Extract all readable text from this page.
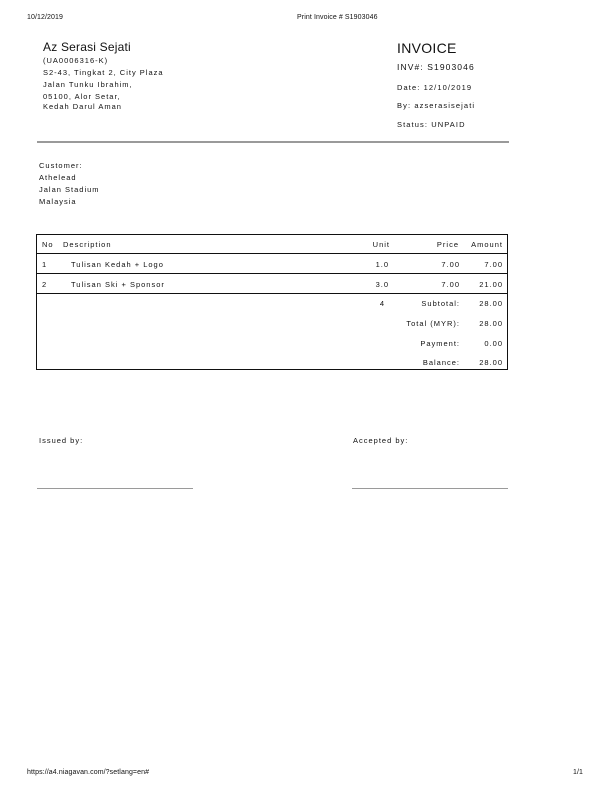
10/12/2019	Print Invoice # S1903046
Az Serasi Sejati
(UA0006316-K)
S2-43, Tingkat 2, City Plaza
Jalan Tunku Ibrahim,
05100, Alor Setar,
Kedah Darul Aman
INVOICE
INV#: S1903046
Date: 12/10/2019
By: azserasisejati
Status: UNPAID
Customer:
Athelead
Jalan Stadium
Malaysia
No Description	Unit	Price Amount
1	Tulisan Kedah + Logo	1.0	7.00	7.00
2	Tulisan Ski + Sponsor	3.0	7.00	21.00
4	Subtotal:	28.00
Total (MYR):	28.00
Payment:	0.00
Balance:	28.00
Issued by:	Accepted by:
https://a4.niagavan.com/?setlang=en#	1/1
